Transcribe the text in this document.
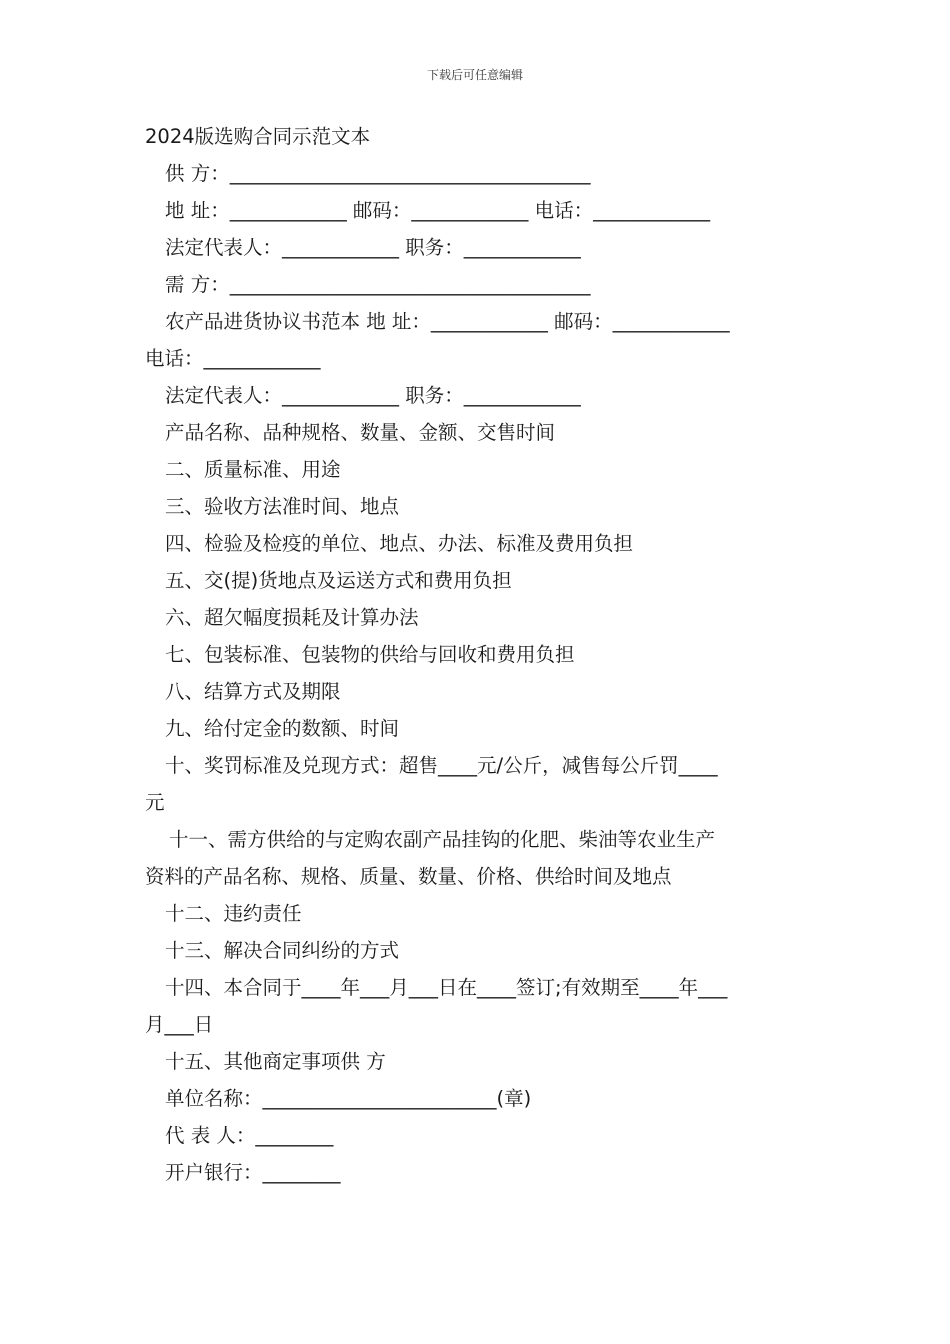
下载后可任意编辑
2024版选购合同示范文本
供 方：_____________________________________
地 址：____________ 邮码：____________ 电话：____________
法定代表人：____________ 职务：____________
需 方：_____________________________________
农产品进货协议书范本 地 址：____________ 邮码：____________
电话：____________
法定代表人：____________ 职务：____________
产品名称、品种规格、数量、金额、交售时间
二、质量标准、用途
三、验收方法准时间、地点
四、检验及检疫的单位、地点、办法、标准及费用负担
五、交(提)货地点及运送方式和费用负担
六、超欠幅度损耗及计算办法
七、包装标准、包装物的供给与回收和费用负担
八、结算方式及期限
九、给付定金的数额、时间
十、奖罚标准及兑现方式：超售____元/公斤，减售每公斤罚____
元
十一、需方供给的与定购农副产品挂钩的化肥、柴油等农业生产
资料的产品名称、规格、质量、数量、价格、供给时间及地点
十二、违约责任
十三、解决合同纠纷的方式
十四、本合同于____年___月___日在____签订;有效期至____年___
月___日
十五、其他商定事项供 方
单位名称：________________________(章)
代 表 人：________
开户银行：________
